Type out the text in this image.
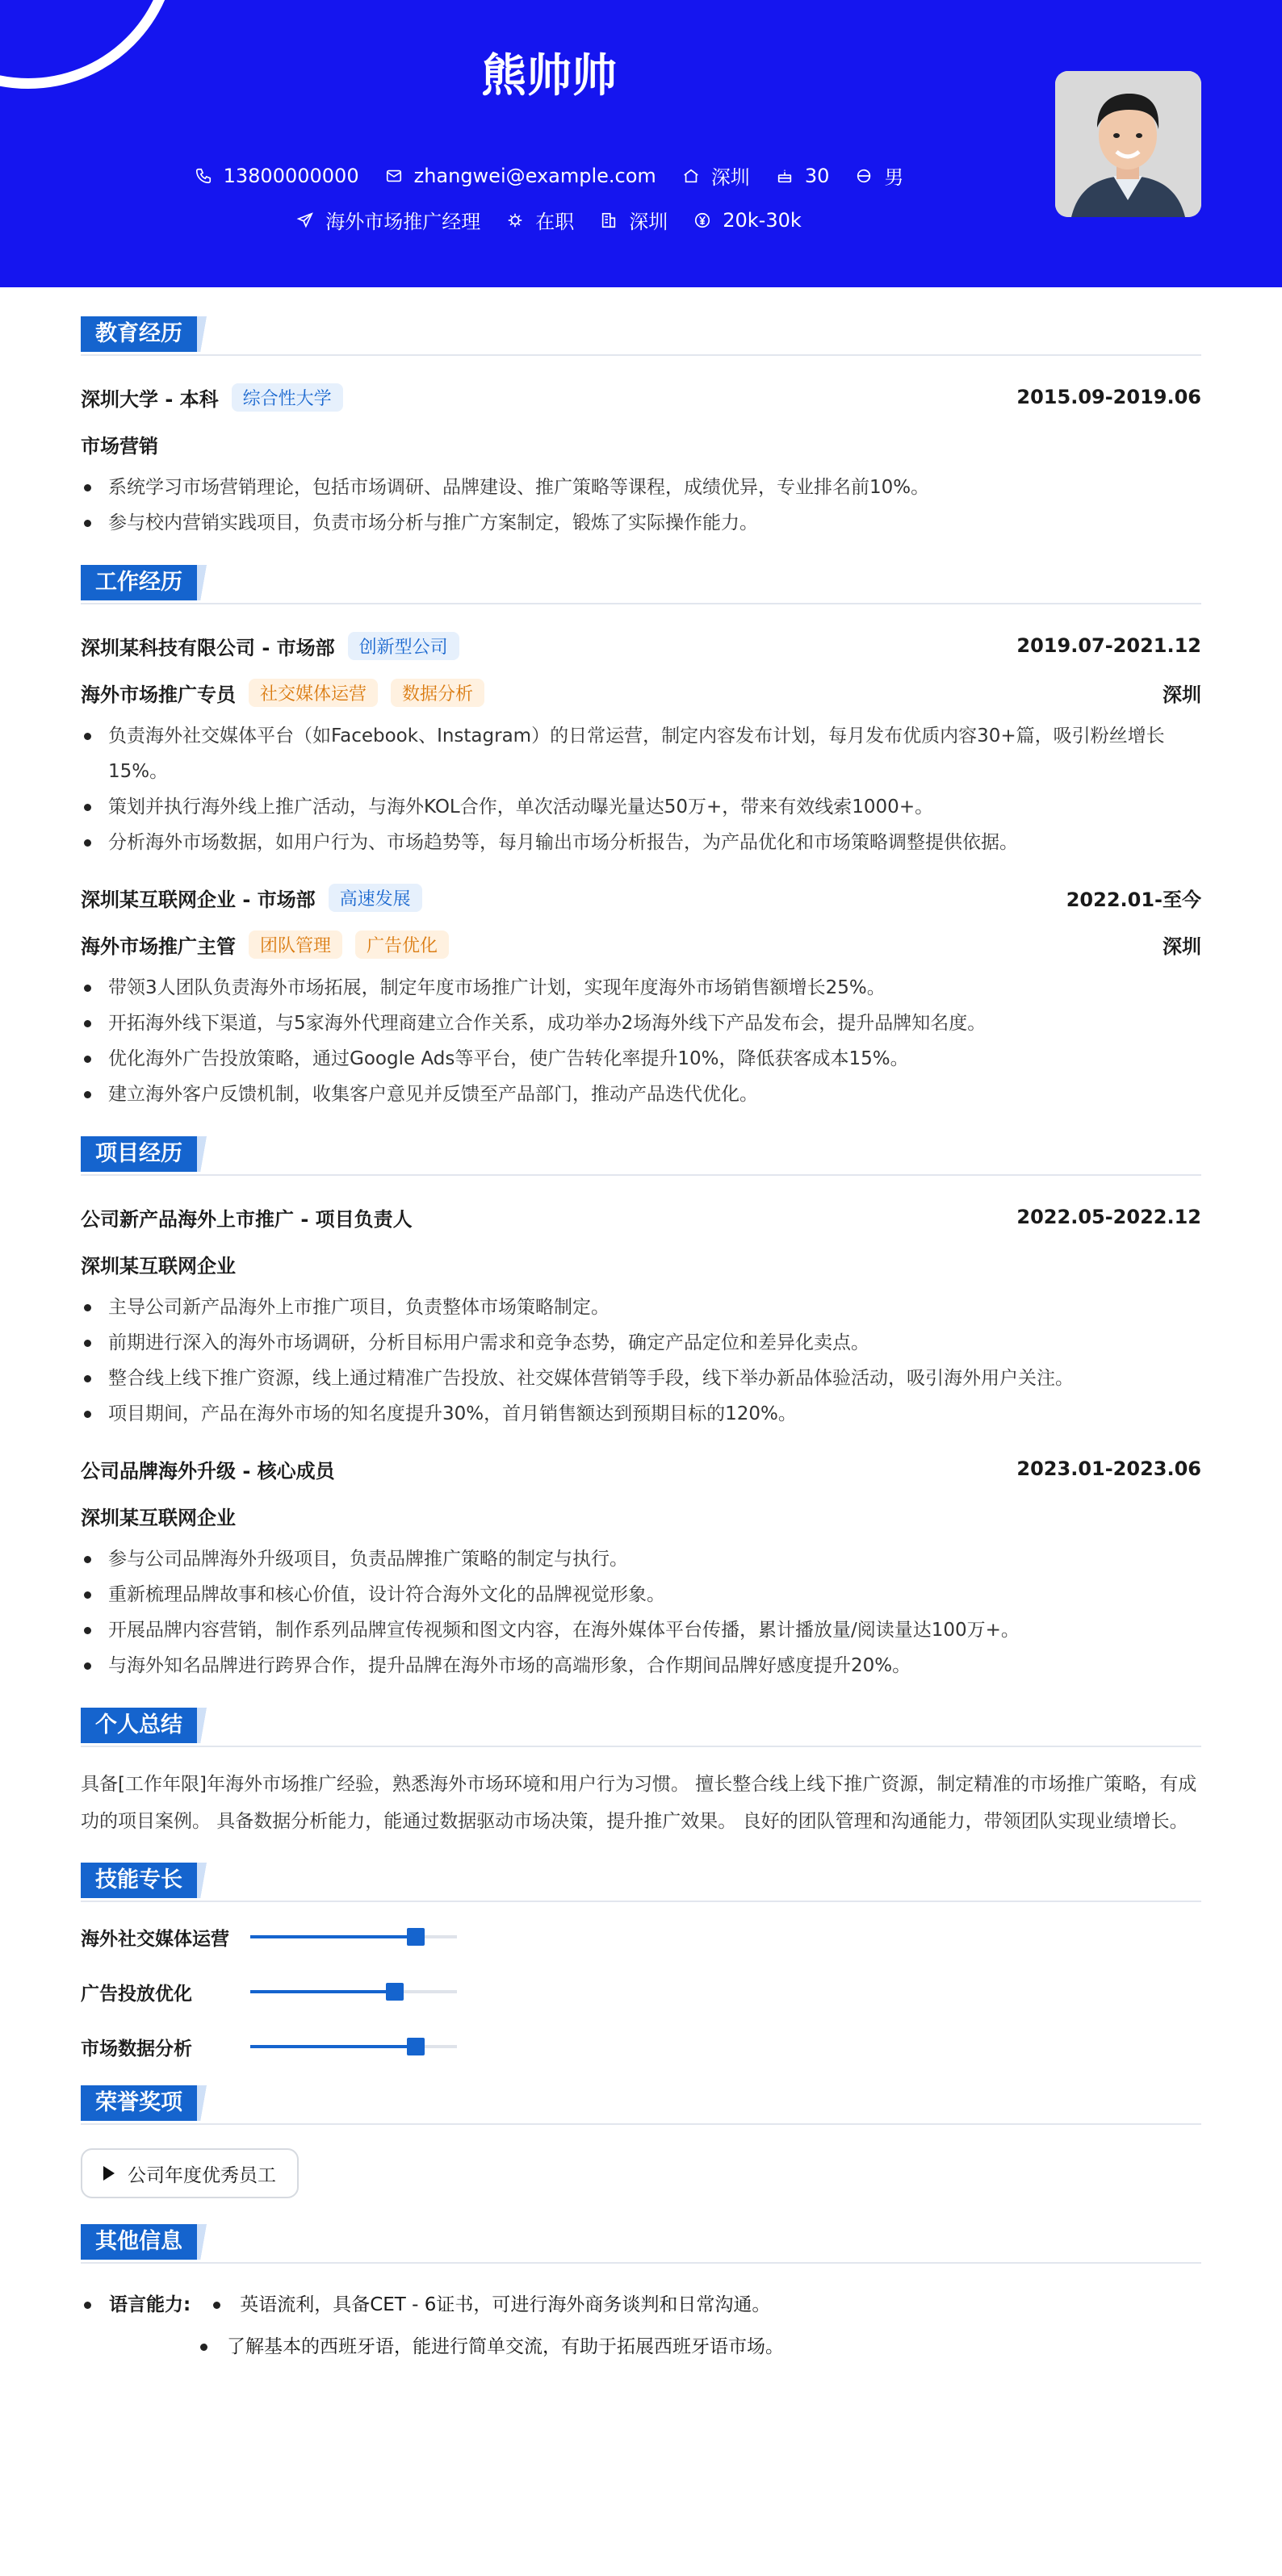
熊帅帅
13800000000	zhangwei@example.com	深圳	30	男
海外市场推广经理	在职	深圳	20k-30k
教育经历
深圳大学 - 本科	综合性大学	2015.09-2019.06
市场营销
系统学习市场营销理论，包括市场调研、品牌建设、推广策略等课程，成绩优异，专业排名前10%。
参与校内营销实践项目，负责市场分析与推广方案制定，锻炼了实际操作能力。
工作经历
深圳某科技有限公司 - 市场部	创新型公司	2019.07-2021.12
海外市场推广专员	社交媒体运营	数据分析	深圳
负责海外社交媒体平台（如Facebook、Instagram）的日常运营，制定内容发布计划，每月发布优质内容30+篇，吸引粉丝增长15%。
策划并执行海外线上推广活动，与海外KOL合作，单次活动曝光量达50万+，带来有效线索1000+。
分析海外市场数据，如用户行为、市场趋势等，每月输出市场分析报告，为产品优化和市场策略调整提供依据。
深圳某互联网企业 - 市场部	高速发展	2022.01-至今
海外市场推广主管	团队管理	广告优化	深圳
带领3人团队负责海外市场拓展，制定年度市场推广计划，实现年度海外市场销售额增长25%。
开拓海外线下渠道，与5家海外代理商建立合作关系，成功举办2场海外线下产品发布会，提升品牌知名度。
优化海外广告投放策略，通过Google Ads等平台，使广告转化率提升10%，降低获客成本15%。
建立海外客户反馈机制，收集客户意见并反馈至产品部门，推动产品迭代优化。
项目经历
公司新产品海外上市推广 - 项目负责人	2022.05-2022.12
深圳某互联网企业
主导公司新产品海外上市推广项目，负责整体市场策略制定。
前期进行深入的海外市场调研，分析目标用户需求和竞争态势，确定产品定位和差异化卖点。
整合线上线下推广资源，线上通过精准广告投放、社交媒体营销等手段，线下举办新品体验活动，吸引海外用户关注。
项目期间，产品在海外市场的知名度提升30%，首月销售额达到预期目标的120%。
公司品牌海外升级 - 核心成员	2023.01-2023.06
深圳某互联网企业
参与公司品牌海外升级项目，负责品牌推广策略的制定与执行。
重新梳理品牌故事和核心价值，设计符合海外文化的品牌视觉形象。
开展品牌内容营销，制作系列品牌宣传视频和图文内容，在海外媒体平台传播，累计播放量/阅读量达100万+。
与海外知名品牌进行跨界合作，提升品牌在海外市场的高端形象，合作期间品牌好感度提升20%。
个人总结

具备[工作年限]年海外市场推广经验，熟悉海外市场环境和用户行为习惯。 擅长整合线上线下推广资源，制定精准的市场推广策略，有成功的项目案例。 具备数据分析能力，能通过数据驱动市场决策，提升推广效果。 良好的团队管理和沟通能力，带领团队实现业绩增长。

技能专长
海外社交媒体运营
广告投放优化
市场数据分析
荣誉奖项
公司年度优秀员工
其他信息
语言能力:	英语流利，具备CET - 6证书，可进行海外商务谈判和日常沟通。
了解基本的西班牙语，能进行简单交流，有助于拓展西班牙语市场。
